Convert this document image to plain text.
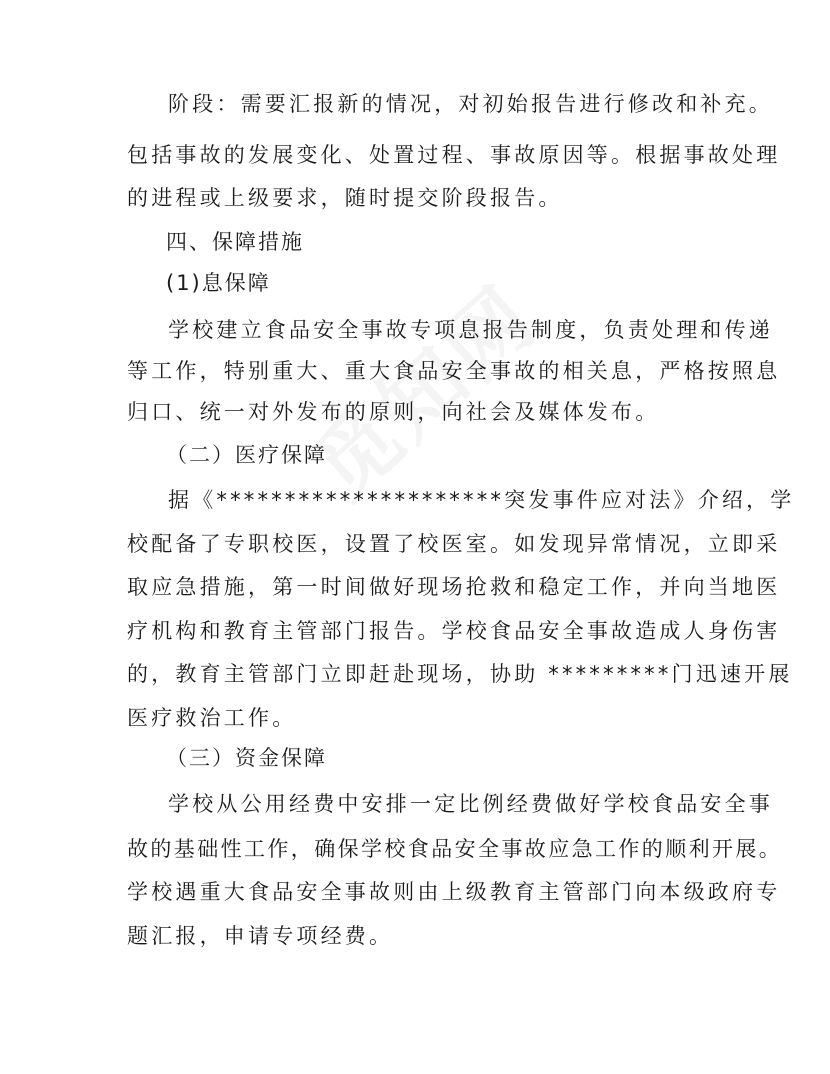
阶段：需要汇报新的情况，对初始报告进行修改和补充。
包括事故的发展变化、处置过程、事故原因等。根据事故处理
的进程或上级要求，随时提交阶段报告。
四、保障措施
(1)息保障
学校建立食品安全事故专项息报告制度，负责处理和传递
等工作，特别重大、重大食品安全事故的相关息，严格按照息
归口、统一对外发布的原则，向社会及媒体发布。
（二）医疗保障
据《*********************突发事件应对法》介绍，学
校配备了专职校医，设置了校医室。如发现异常情况，立即采
取应急措施，第一时间做好现场抢救和稳定工作，并向当地医
疗机构和教育主管部门报告。学校食品安全事故造成人身伤害
的，教育主管部门立即赶赴现场，协助 *********门迅速开展
医疗救治工作。
（三）资金保障
学校从公用经费中安排一定比例经费做好学校食品安全事
故的基础性工作，确保学校食品安全事故应急工作的顺利开展。
学校遇重大食品安全事故则由上级教育主管部门向本级政府专
题汇报，申请专项经费。
